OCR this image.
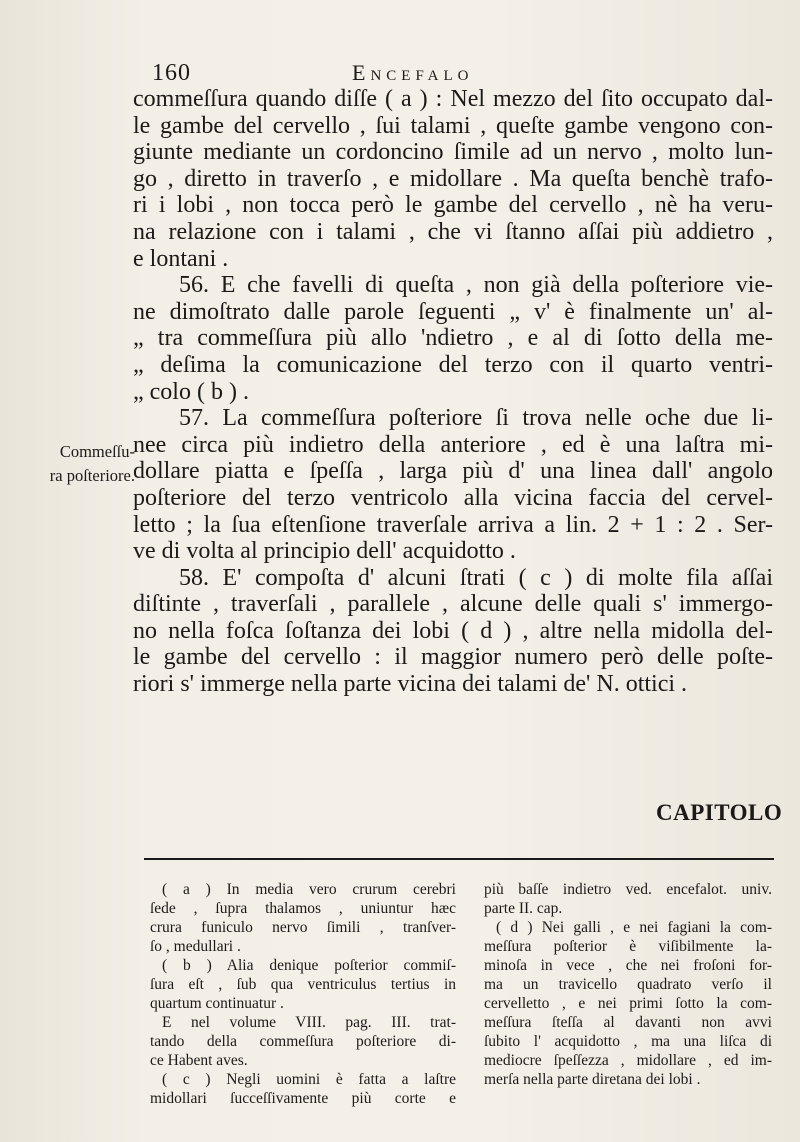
160	Encefalo
Commeſſu-
ra poſteriore.
commeſſura quando diſſe ( a ) : Nel mezzo del ſito occupato dal-
le gambe del cervello , ſui talami , queſte gambe vengono con-
giunte mediante un cordoncino ſimile ad un nervo , molto lun-
go , diretto in traverſo , e midollare . Ma queſta benchè trafo-
ri i lobi , non tocca però le gambe del cervello , nè ha veru-
na relazione con i talami , che vi ſtanno aſſai più addietro ,
e lontani .
56. E che favelli di queſta , non già della poſteriore vie-
ne dimoſtrato dalle parole ſeguenti „ v' è finalmente un' al-
„ tra commeſſura più allo 'ndietro , e al di ſotto della me-
„ deſima la comunicazione del terzo con il quarto ventri-
„ colo ( b ) .
57. La commeſſura poſteriore ſi trova nelle oche due li-
nee circa più indietro della anteriore , ed è una laſtra mi-
dollare piatta e ſpeſſa , larga più d' una linea dall' angolo
poſteriore del terzo ventricolo alla vicina faccia del cervel-
letto ; la ſua eſtenſione traverſale arriva a lin. 2 + 1 : 2 . Ser-
ve di volta al principio dell' acquidotto .
58. E' compoſta d' alcuni ſtrati ( c ) di molte fila aſſai
diſtinte , traverſali , parallele , alcune delle quali s' immergo-
no nella foſca ſoſtanza dei lobi ( d ) , altre nella midolla del-
le gambe del cervello : il maggior numero però delle poſte-
riori s' immerge nella parte vicina dei talami de' N. ottici .
CAPITOLO
( a ) In media vero crurum cerebri
ſede , ſupra thalamos , uniuntur hæc
crura funiculo nervo ſimili , tranſver-
ſo , medullari .
( b ) Alia denique poſterior commiſ-
ſura eſt , ſub qua ventriculus tertius in
quartum continuatur .
E nel volume VIII. pag. III. trat-
tando della commeſſura poſteriore di-
ce Habent aves.
( c ) Negli uomini è fatta a laſtre
midollari ſucceſſivamente più corte e
più baſſe indietro ved. encefalot. univ.
parte II. cap.
( d ) Nei galli , e nei fagiani la com-
meſſura poſterior è viſibilmente la-
minoſa in vece , che nei froſoni for-
ma un travicello quadrato verſo il
cervelletto , e nei primi ſotto la com-
meſſura ſteſſa al davanti non avvi
ſubito l' acquidotto , ma una liſca di
mediocre ſpeſſezza , midollare , ed im-
merſa nella parte diretana dei lobi .
